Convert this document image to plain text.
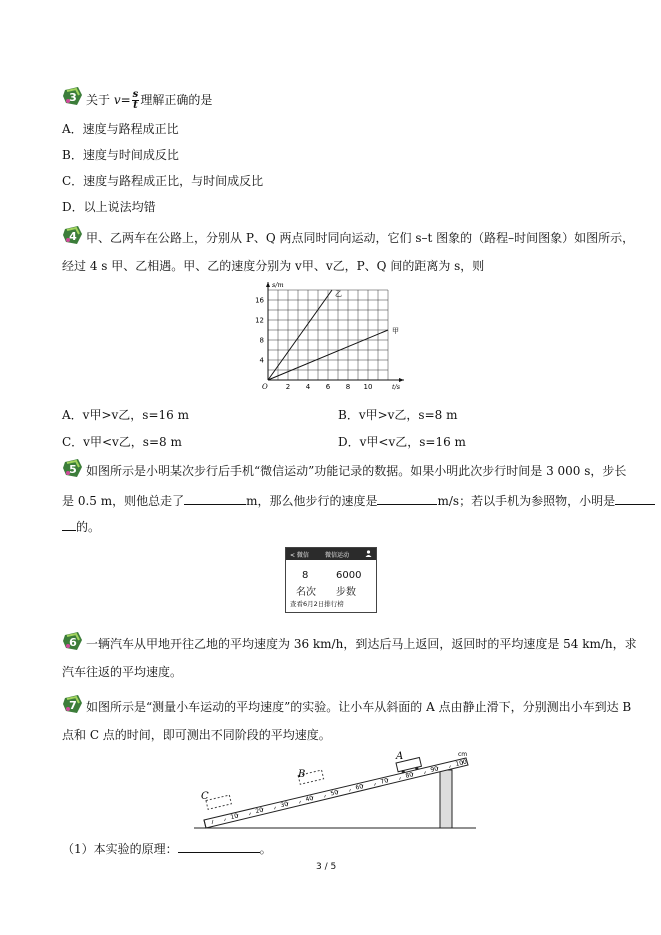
3 关于 $v= \frac{s}{t}$ 理解正确的是
A．速度与路程成正比
B．速度与时间成反比
C．速度与路程成正比，与时间成反比
D．以上说法均错
4 甲、乙两车在公路上，分别从 P、Q 两点同时同向运动，它们 s–t 图象的（路程–时间图象）如图所示，
经过 4 s 甲、乙相遇。甲、乙的速度分别为 v甲、v乙，P、Q 间的距离为 s，则
2 4 6 8 10
4
8
12
16
O
s/m
t/s
乙
甲
A．v甲>v乙，s=16 m	B．v甲>v乙，s=8 m
C．v甲<v乙，s=8 m	D．v甲<v乙，s=16 m
5 如图所示是小明某次步行后手机“微信运动”功能记录的数据。如果小明此次步行时间是 3 000 s，步长
是 0.5 m，则他总走了	m，那么他步行的速度是	m/s；若以手机为参照物，小明是
的。
< 微信	微信运动
8	6000
名次 步数
查看6月2日排行榜
6 一辆汽车从甲地开往乙地的平均速度为 36 km/h，到达后马上返回，返回时的平均速度是 54 km/h，求
汽车往返的平均速度。
7 如图所示是“测量小车运动的平均速度”的实验。让小车从斜面的 A 点由静止滑下，分别测出小车到达 B
点和 C 点的时间，即可测出不同阶段的平均速度。
10
20
30
40
50
60
70
80
90
100
A
B
C
cm
（1）本实验的原理：	。
3 / 5
